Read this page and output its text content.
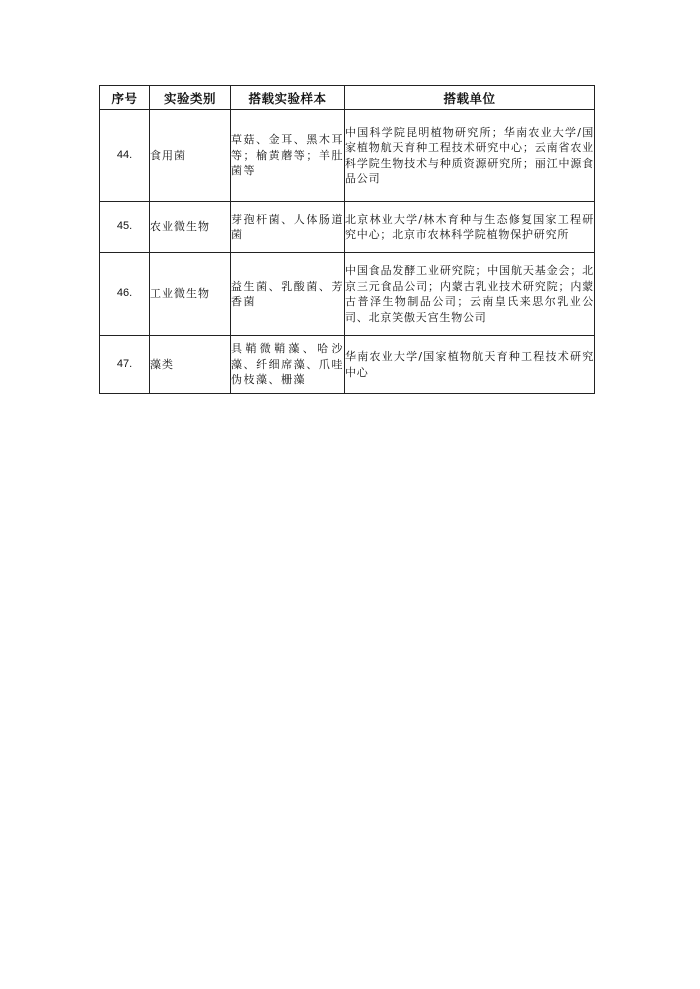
序号	实验类别	搭载实验样本	搭载单位
44.	食用菌	草菇、金耳、黑木耳等；榆黄蘑等；羊肚菌等	中国科学院昆明植物研究所；华南农业大学/国家植物航天育种工程技术研究中心；云南省农业科学院生物技术与种质资源研究所；丽江中源食品公司
45.	农业微生物	芽孢杆菌、人体肠道菌	北京林业大学/林木育种与生态修复国家工程研究中心；北京市农林科学院植物保护研究所
46.	工业微生物	益生菌、乳酸菌、芳香菌	中国食品发酵工业研究院；中国航天基金会；北京三元食品公司；内蒙古乳业技术研究院；内蒙古普泽生物制品公司；云南皇氏来思尔乳业公司、北京笑傲天宫生物公司
47.	藻类	具鞘微鞘藻、哈沙藻、纤细席藻、爪哇伪枝藻、栅藻	华南农业大学/国家植物航天育种工程技术研究中心
